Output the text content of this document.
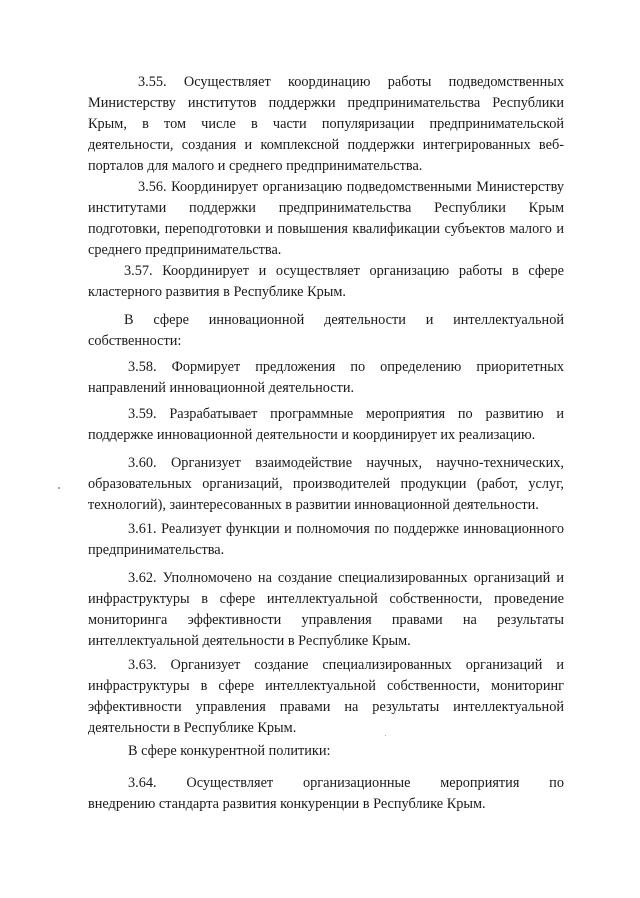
3.55. Осуществляет координацию работы подведомственных
Министерству институтов поддержки предпринимательства Республики
Крым, в том числе в части популяризации предпринимательской
деятельности, создания и комплексной поддержки интегрированных веб-
порталов для малого и среднего предпринимательства.
3.56. Координирует организацию подведомственными Министерству
институтами поддержки предпринимательства Республики Крым
подготовки, переподготовки и повышения квалификации субъектов малого и
среднего предпринимательства.
3.57. Координирует и осуществляет организацию работы в сфере
кластерного развития в Республике Крым.
В сфере инновационной деятельности и интеллектуальной
собственности:
3.58. Формирует предложения по определению приоритетных
направлений инновационной деятельности.
3.59. Разрабатывает программные мероприятия по развитию и
поддержке инновационной деятельности и координирует их реализацию.
3.60. Организует взаимодействие научных, научно-технических,
образовательных организаций, производителей продукции (работ, услуг,
технологий), заинтересованных в развитии инновационной деятельности.
3.61. Реализует функции и полномочия по поддержке инновационного
предпринимательства.
3.62. Уполномочено на создание специализированных организаций и
инфраструктуры в сфере интеллектуальной собственности, проведение
мониторинга эффективности управления правами на результаты
интеллектуальной деятельности в Республике Крым.
3.63. Организует создание специализированных организаций и
инфраструктуры в сфере интеллектуальной собственности, мониторинг
эффективности управления правами на результаты интеллектуальной
деятельности в Республике Крым.
В сфере конкурентной политики:
3.64. Осуществляет организационные мероприятия по
внедрению стандарта развития конкуренции в Республике Крым.
